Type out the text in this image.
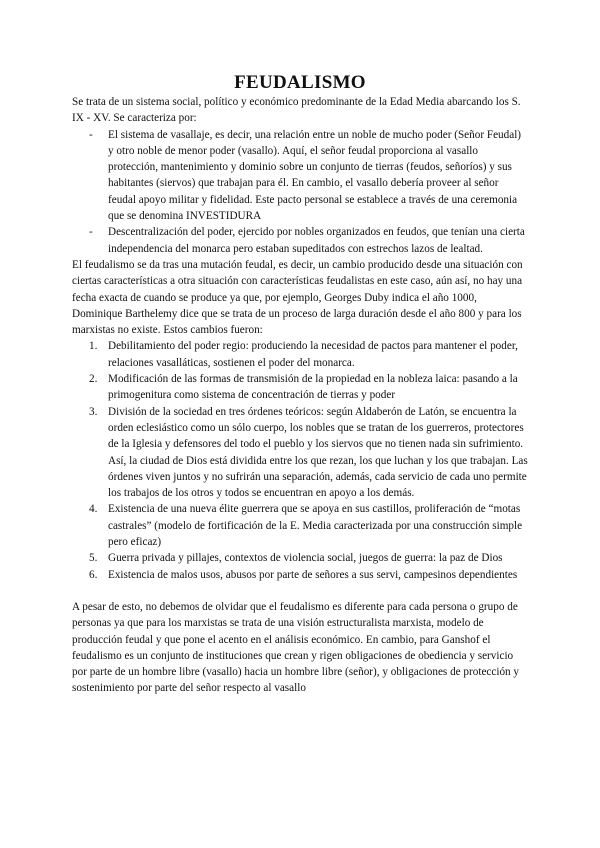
FEUDALISMO

Se trata de un sistema social, político y económico predominante de la Edad Media abarcando los S. IX - XV. Se caracteriza por:

- El sistema de vasallaje, es decir, una relación entre un noble de mucho poder (Señor Feudal) y otro noble de menor poder (vasallo). Aquí, el señor feudal proporciona al vasallo protección, mantenimiento y dominio sobre un conjunto de tierras (feudos, señoríos) y sus habitantes (siervos) que trabajan para él. En cambio, el vasallo debería proveer al señor feudal apoyo militar y fidelidad. Este pacto personal se establece a través de una ceremonia que se denomina INVESTIDURA
- Descentralización del poder, ejercido por nobles organizados en feudos, que tenían una cierta independencia del monarca pero estaban supeditados con estrechos lazos de lealtad.

El feudalismo se da tras una mutación feudal, es decir, un cambio producido desde una situación con ciertas características a otra situación con características feudalistas en este caso, aún así, no hay una fecha exacta de cuando se produce ya que, por ejemplo, Georges Duby indica el año 1000, Dominique Barthelemy dice que se trata de un proceso de larga duración desde el año 800 y para los marxistas no existe. Estos cambios fueron:

1. Debilitamiento del poder regio: produciendo la necesidad de pactos para mantener el poder, relaciones vasalláticas, sostienen el poder del monarca.
2. Modificación de las formas de transmisión de la propiedad en la nobleza laica: pasando a la primogenitura como sistema de concentración de tierras y poder
3. División de la sociedad en tres órdenes teóricos: según Aldaberón de Latón, se encuentra la orden eclesiástico como un sólo cuerpo, los nobles que se tratan de los guerreros, protectores de la Iglesia y defensores del todo el pueblo y los siervos que no tienen nada sin sufrimiento. Así, la ciudad de Dios está dividida entre los que rezan, los que luchan y los que trabajan. Las órdenes viven juntos y no sufrirán una separación, además, cada servicio de cada uno permite los trabajos de los otros y todos se encuentran en apoyo a los demás.
4. Existencia de una nueva élite guerrera que se apoya en sus castillos, proliferación de “motas castrales” (modelo de fortificación de la E. Media caracterizada por una construcción simple pero eficaz)
5. Guerra privada y pillajes, contextos de violencia social, juegos de guerra: la paz de Dios
6. Existencia de malos usos, abusos por parte de señores a sus servi, campesinos dependientes

A pesar de esto, no debemos de olvidar que el feudalismo es diferente para cada persona o grupo de personas ya que para los marxistas se trata de una visión estructuralista marxista, modelo de producción feudal y que pone el acento en el análisis económico. En cambio, para Ganshof el feudalismo es un conjunto de instituciones que crean y rigen obligaciones de obediencia y servicio por parte de un hombre libre (vasallo) hacia un hombre libre (señor), y obligaciones de protección y sostenimiento por parte del señor respecto al vasallo
